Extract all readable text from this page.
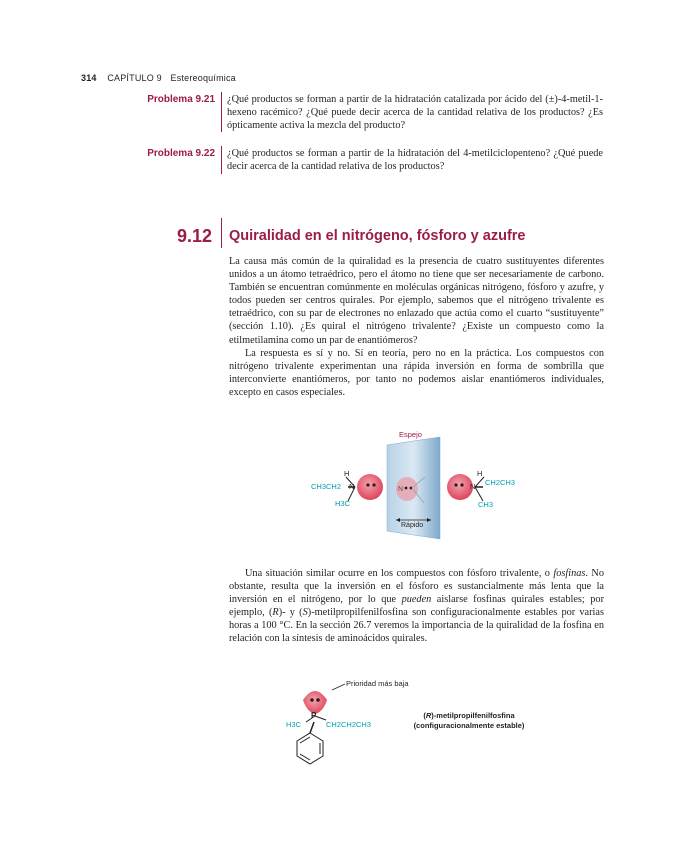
314 CAPÍTULO 9 Estereoquímica
Problema 9.21 ¿Qué productos se forman a partir de la hidratación catalizada por ácido del (±)-4-metil-1-hexeno racémico? ¿Qué puede decir acerca de la cantidad relativa de los productos? ¿Es ópticamente activa la mezcla del producto?
Problema 9.22 ¿Qué productos se forman a partir de la hidratación del 4-metilciclopenteno? ¿Qué puede decir acerca de la cantidad relativa de los productos?
9.12 Quiralidad en el nitrógeno, fósforo y azufre

La causa más común de la quiralidad es la presencia de cuatro sustituyentes diferentes unidos a un átomo tetraédrico, pero el átomo no tiene que ser necesariamente de carbono. También se encuentran comúnmente en moléculas orgánicas nitrógeno, fósforo y azufre, y todos pueden ser centros quirales. Por ejemplo, sabemos que el nitrógeno trivalente es tetraédrico, con su par de electrones no enlazado que actúa como el cuarto “sustituyente” (sección 1.10). ¿Es quiral el nitrógeno trivalente? ¿Existe un compuesto como la etilmetilamina como un par de enantiómeros?

La respuesta es sí y no. Sí en teoría, pero no en la práctica. Los compuestos con nitrógeno trivalente experimentan una rápida inversión en forma de sombrilla que interconvierte enantiómeros, por tanto no podemos aislar enantiómeros individuales, excepto en casos especiales.

N
Espejo
Rápido
CH3CH2
H3C
H
N
H
N CH2CH3
CH3
Una situación similar ocurre en los compuestos con fósforo trivalente, o fosfinas. No obstante, resulta que la inversión en el fósforo es sustancialmente más lenta que la inversión en el nitrógeno, por lo que pueden aislarse fosfinas quirales estables; por ejemplo, (R)- y (S)-metilpropilfenilfosfina son configuracionalmente estables por varias horas a 100 °C. En la sección 26.7 veremos la importancia de la quiralidad de la fosfina en relación con la síntesis de aminoácidos quirales.
Prioridad más baja
P
H3C	CH2CH2CH3
(R)-metilpropilfenilfosfina
(configuracionalmente estable)
